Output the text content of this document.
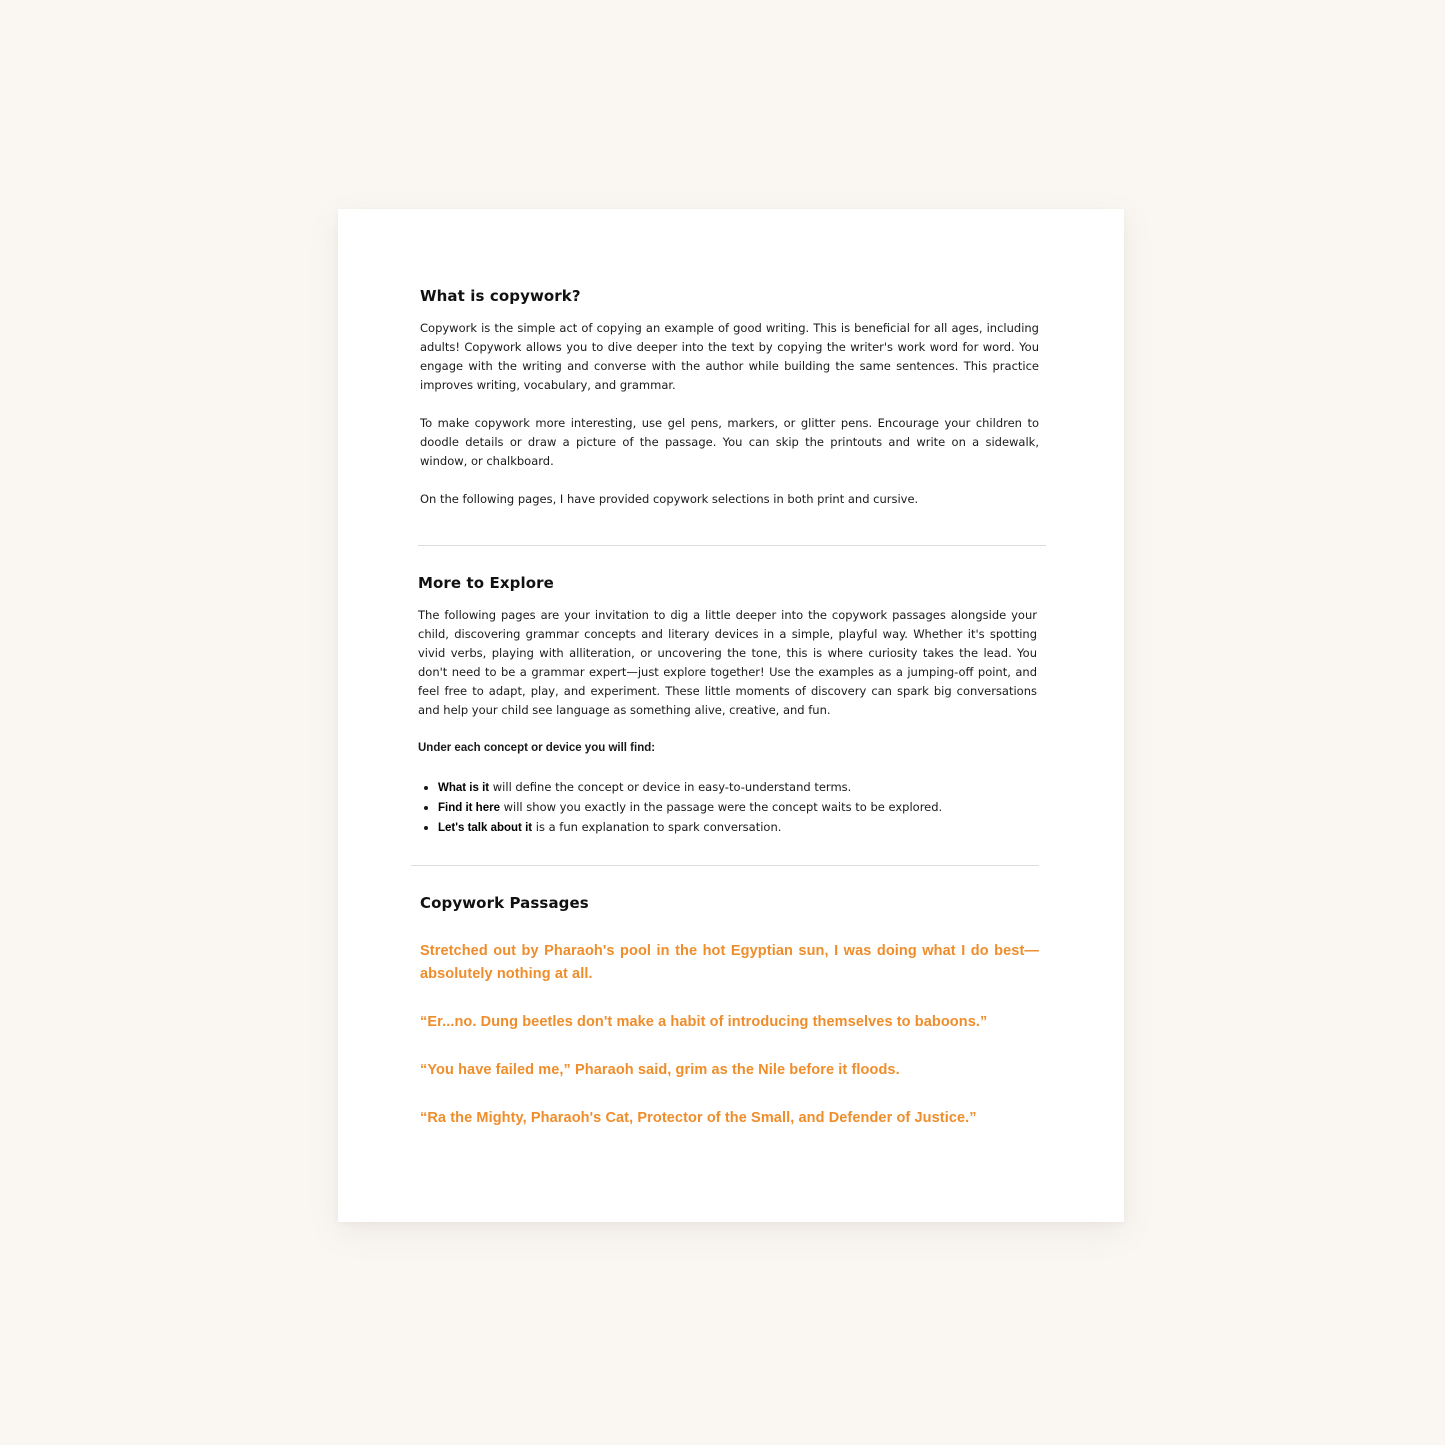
What is copywork?

Copywork is the simple act of copying an example of good writing. This is beneficial for all ages, including adults! Copywork allows you to dive deeper into the text by copying the writer's work word for word. You engage with the writing and converse with the author while building the same sentences. This practice improves writing, vocabulary, and grammar.

To make copywork more interesting, use gel pens, markers, or glitter pens. Encourage your children to doodle details or draw a picture of the passage. You can skip the printouts and write on a sidewalk, window, or chalkboard.

On the following pages, I have provided copywork selections in both print and cursive.

More to Explore

The following pages are your invitation to dig a little deeper into the copywork passages alongside your child, discovering grammar concepts and literary devices in a simple, playful way. Whether it's spotting vivid verbs, playing with alliteration, or uncovering the tone, this is where curiosity takes the lead. You don't need to be a grammar expert—just explore together! Use the examples as a jumping-off point, and feel free to adapt, play, and experiment. These little moments of discovery can spark big conversations and help your child see language as something alive, creative, and fun.

Under each concept or device you will find:

• What is it will define the concept or device in easy-to-understand terms.
• Find it here will show you exactly in the passage were the concept waits to be explored.
• Let's talk about it is a fun explanation to spark conversation.
Copywork Passages

Stretched out by Pharaoh's pool in the hot Egyptian sun, I was doing what I do best—absolutely nothing at all.

“Er...no. Dung beetles don't make a habit of introducing themselves to baboons.”

“You have failed me,” Pharaoh said, grim as the Nile before it floods.

“Ra the Mighty, Pharaoh's Cat, Protector of the Small, and Defender of Justice.”
